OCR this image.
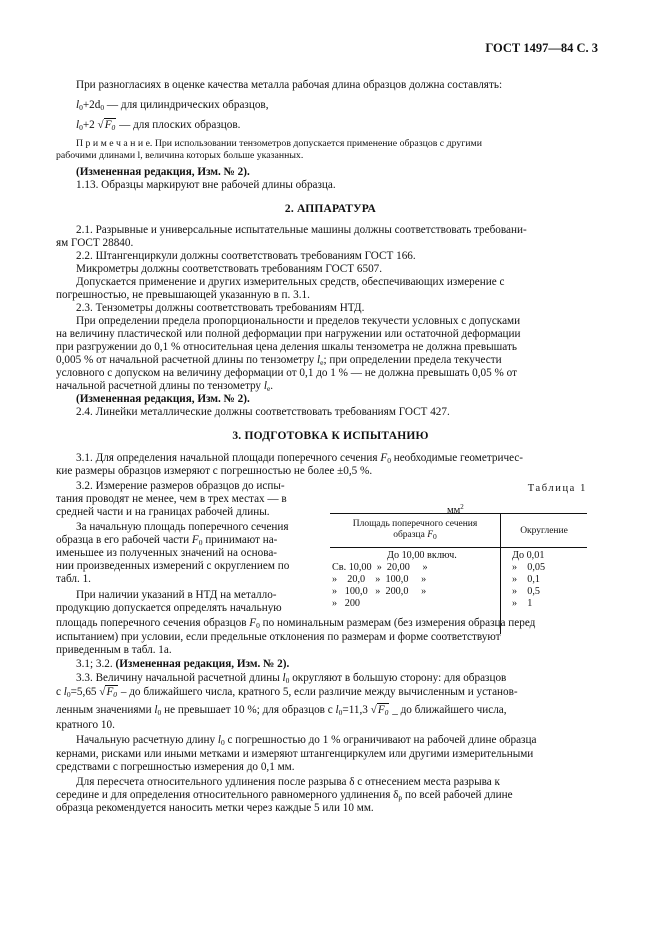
ГОСТ 1497—84 С. 3
При разногласиях в оценке качества металла рабочая длина образцов должна составлять:
$l_0+2d_0$ — для цилиндрических образцов,
$l_0+2$ $√F_0$ — для плоских образцов.
П р и м е ч а н и е. При использовании тензометров допускается применение образцов с другими
рабочими длинами l, величина которых больше указанных.
(Измененная редакция, Изм. № 2).
1.13. Образцы маркируют вне рабочей длины образца.
2. АППАРАТУРА
2.1. Разрывные и универсальные испытательные машины должны соответствовать требовани-
ям ГОСТ 28840.
2.2. Штангенциркули должны соответствовать требованиям ГОСТ 166.
Микрометры должны соответствовать требованиям ГОСТ 6507.
Допускается применение и других измерительных средств, обеспечивающих измерение с
погрешностью, не превышающей указанную в п. 3.1.
2.3. Тензометры должны соответствовать требованиям НТД.
При определении предела пропорциональности и пределов текучести условных с допусками
на величину пластической или полной деформации при нагружении или остаточной деформации
при разгружении до 0,1 % относительная цена деления шкалы тензометра не должна превышать
0,005 % от начальной расчетной длины по тензометру $l_e$; при определении предела текучести
условного с допуском на величину деформации от 0,1 до 1 % — не должна превышать 0,05 % от
начальной расчетной длины по тензометру $l_e$.
(Измененная редакция, Изм. № 2).
2.4. Линейки металлические должны соответствовать требованиям ГОСТ 427.
3. ПОДГОТОВКА К ИСПЫТАНИЮ
3.1. Для определения начальной площади поперечного сечения $F_0$ необходимые геометричес-
кие размеры образцов измеряют с погрешностью не более ±0,5 %.
3.2. Измерение размеров образцов до испы-
тания проводят не менее, чем в трех местах — в
средней части и на границах рабочей длины.
За начальную площадь поперечного сечения
образца в его рабочей части $F_0$ принимают на-
именьшее из полученных значений на основа-
нии произведенных измерений с округлением по
табл. 1.
При наличии указаний в НТД на металло-
продукцию допускается определять начальную
площадь поперечного сечения образцов $F_0$ по номинальным размерам (без измерения образца перед
испытанием) при условии, если предельные отклонения по размерам и форме соответствуют
приведенным в табл. 1а.
3.1; 3.2. (Измененная редакция, Изм. № 2).
3.3. Величину начальной расчетной длины $l_0$ округляют в большую сторону: для образцов
с $l_0=5,65$ $√F_0$ – до ближайшего числа, кратного 5, если различие между вычисленным и установ-
ленным значениями $l_0$ не превышает 10 %; для образцов с $l_0=11,3$ $√F_0$ _ до ближайшего числа,
кратного 10.
Начальную расчетную длину $l_0$ с погрешностью до 1 % ограничивают на рабочей длине образца
кернами, рисками или иными метками и измеряют штангенциркулем или другими измерительными
средствами с погрешностью измерения до 0,1 мм.
Для пересчета относительного удлинения после разрыва δ с отнесением места разрыва к
середине и для определения относительного равномерного удлинения $\delta_р$ по всей рабочей длине
образца рекомендуется наносить метки через каждые 5 или 10 мм.
Таблица 1
$мм^2$
Площадь поперечного сечения
образца $F_0$
Округление
До 10,00 включ.	До 0,01
Св. 10,00  »  20,00     »	»    0,05
»    20,0    »  100,0     »	»    0,1
»   100,0   »  200,0     »	»    0,5
»   200	»    1
